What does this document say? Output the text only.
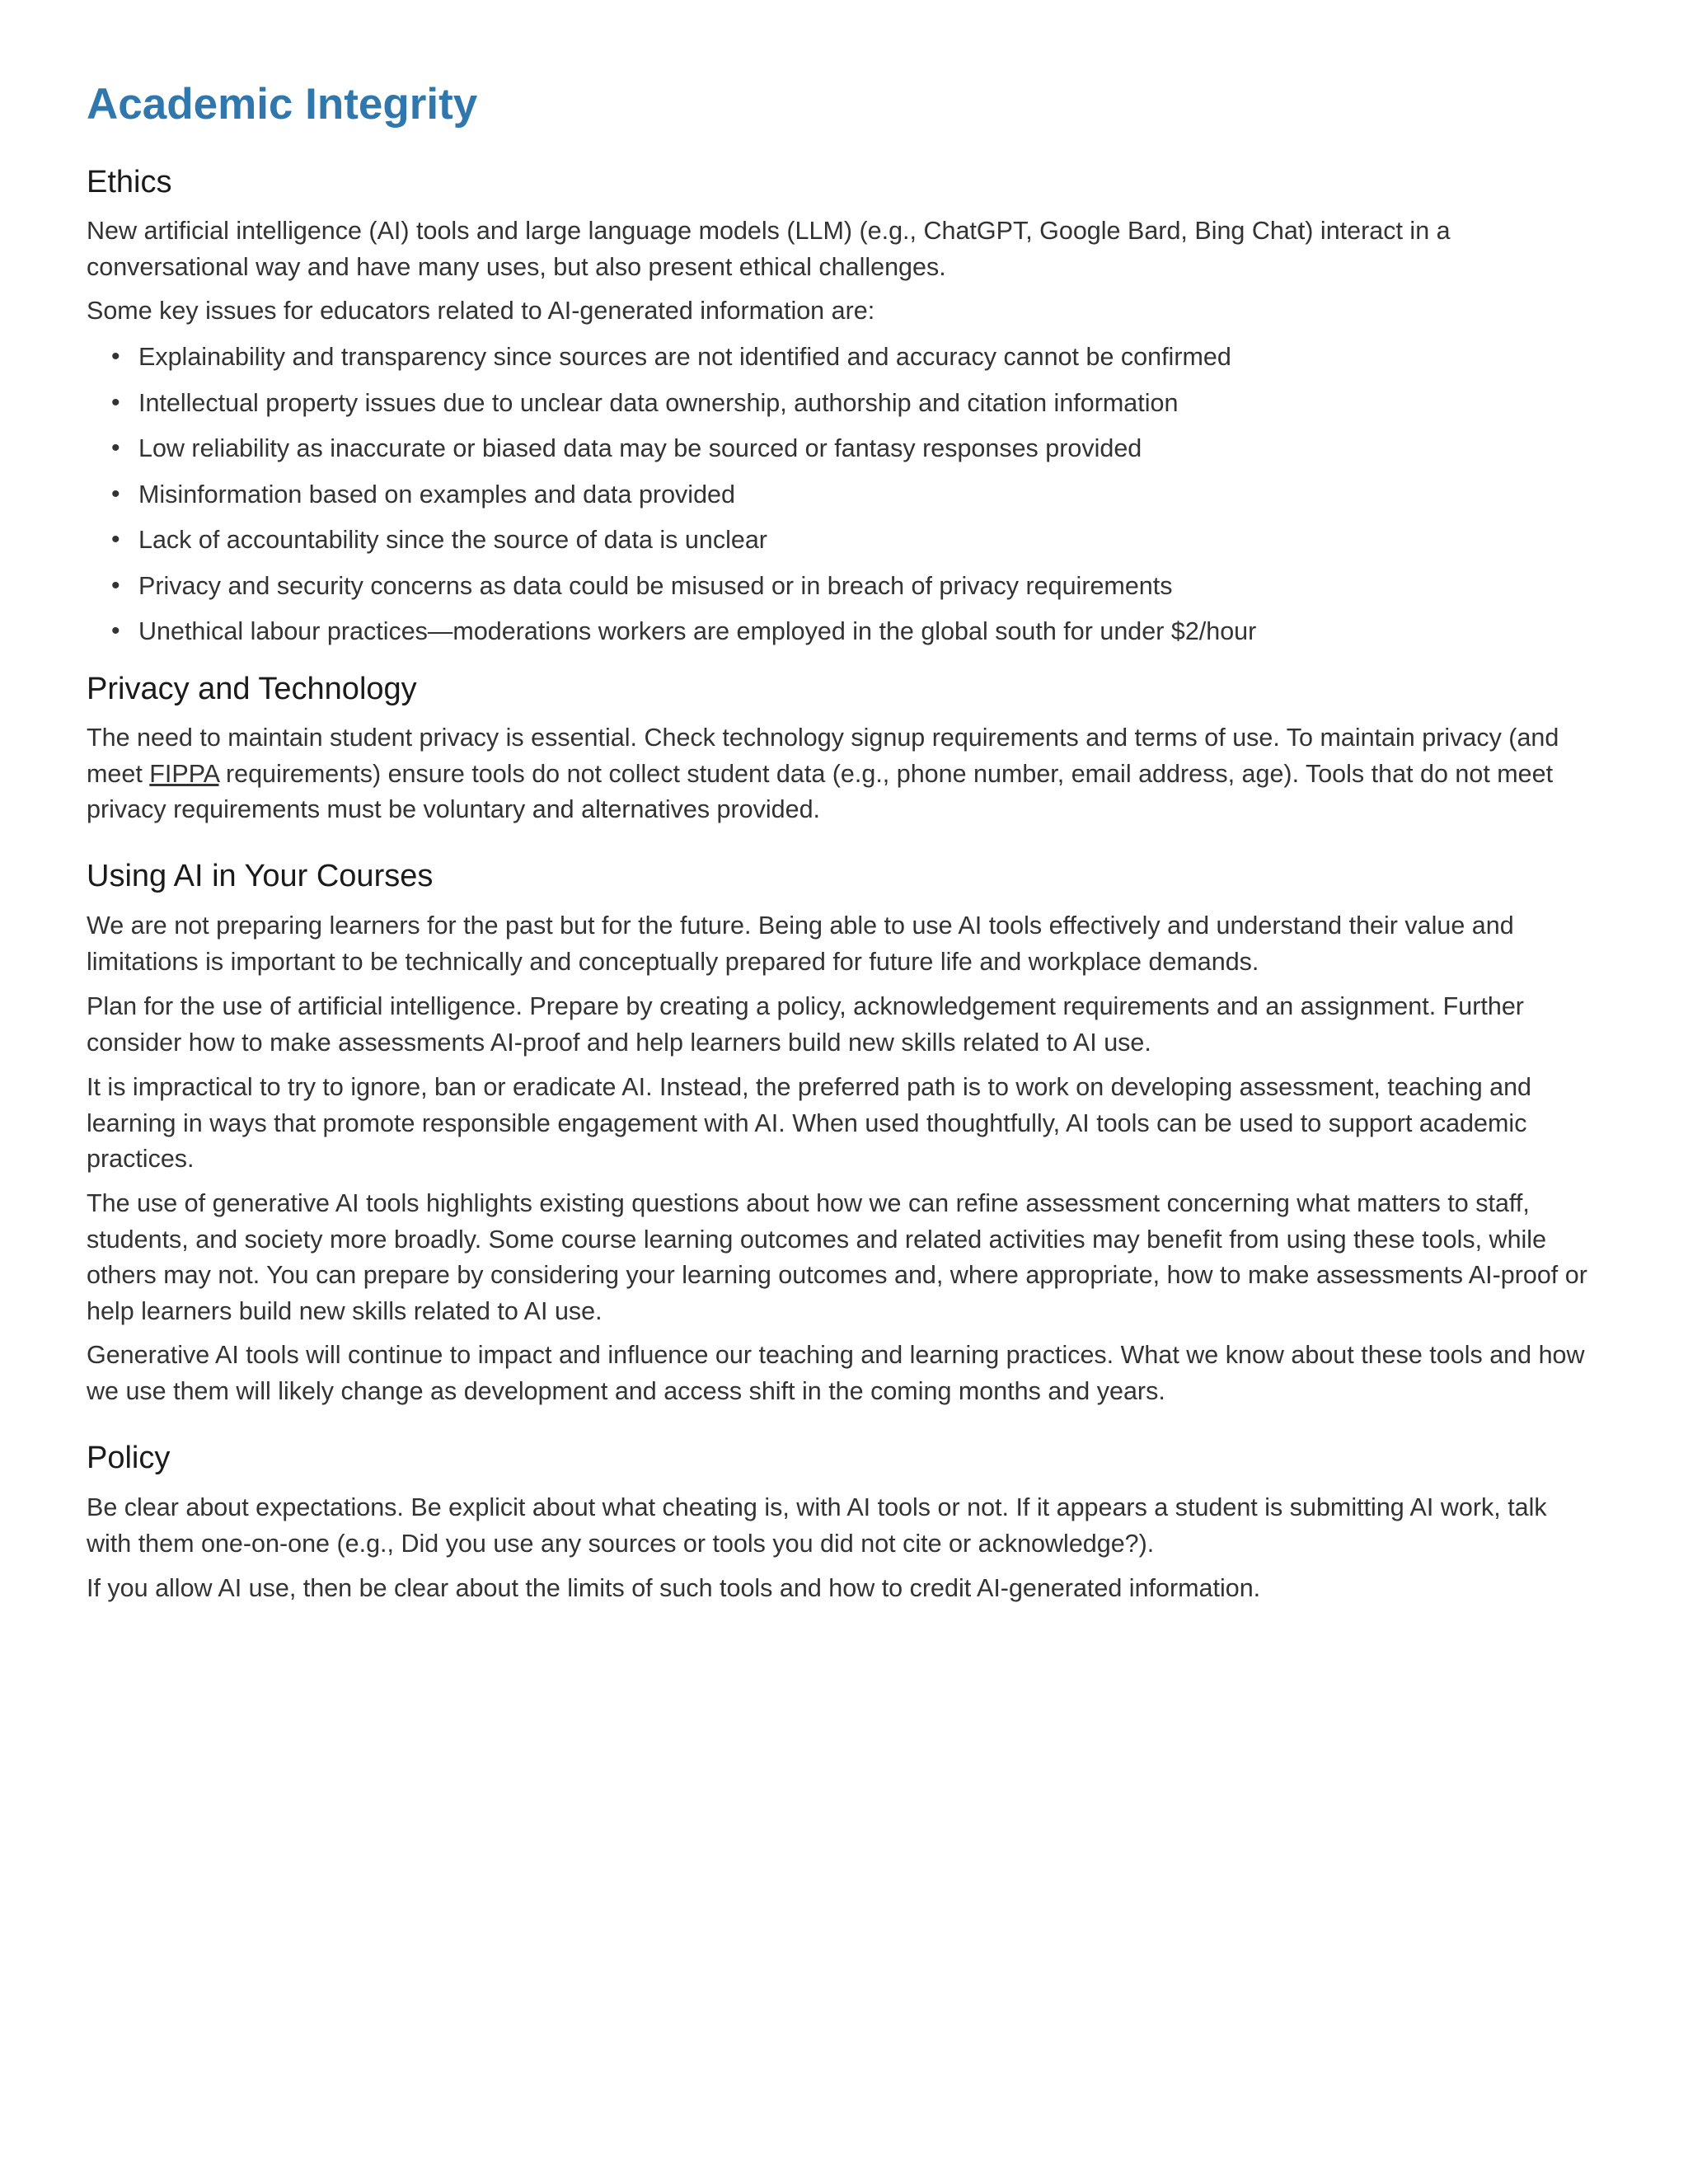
Academic Integrity
Ethics

New artificial intelligence (AI) tools and large language models (LLM) (e.g., ChatGPT, Google Bard, Bing Chat) interact in a conversational way and have many uses, but also present ethical challenges.

Some key issues for educators related to AI-generated information are:

• Explainability and transparency since sources are not identified and accuracy cannot be confirmed
• Intellectual property issues due to unclear data ownership, authorship and citation information
• Low reliability as inaccurate or biased data may be sourced or fantasy responses provided
• Misinformation based on examples and data provided
• Lack of accountability since the source of data is unclear
• Privacy and security concerns as data could be misused or in breach of privacy requirements
• Unethical labour practices—moderations workers are employed in the global south for under $2/hour
Privacy and Technology

The need to maintain student privacy is essential. Check technology signup requirements and terms of use. To maintain privacy (and meet FIPPA requirements) ensure tools do not collect student data (e.g., phone number, email address, age). Tools that do not meet privacy requirements must be voluntary and alternatives provided.

Using AI in Your Courses

We are not preparing learners for the past but for the future. Being able to use AI tools effectively and understand their value and limitations is important to be technically and conceptually prepared for future life and workplace demands.

Plan for the use of artificial intelligence. Prepare by creating a policy, acknowledgement requirements and an assignment. Further consider how to make assessments AI-proof and help learners build new skills related to AI use.

It is impractical to try to ignore, ban or eradicate AI. Instead, the preferred path is to work on developing assessment, teaching and learning in ways that promote responsible engagement with AI. When used thoughtfully, AI tools can be used to support academic practices.

The use of generative AI tools highlights existing questions about how we can refine assessment concerning what matters to staff, students, and society more broadly. Some course learning outcomes and related activities may benefit from using these tools, while others may not. You can prepare by considering your learning outcomes and, where appropriate, how to make assessments AI-proof or help learners build new skills related to AI use.

Generative AI tools will continue to impact and influence our teaching and learning practices. What we know about these tools and how we use them will likely change as development and access shift in the coming months and years.

Policy

Be clear about expectations. Be explicit about what cheating is, with AI tools or not. If it appears a student is submitting AI work, talk with them one-on-one (e.g., Did you use any sources or tools you did not cite or acknowledge?).

If you allow AI use, then be clear about the limits of such tools and how to credit AI-generated information.
